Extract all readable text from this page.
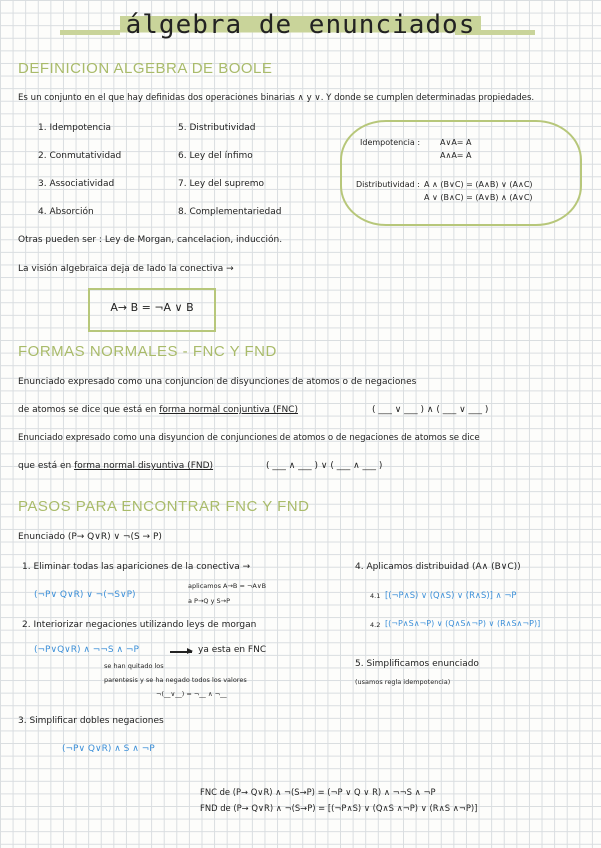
álgebra de enunciados
DEFINICION ALGEBRA DE BOOLE
Es un conjunto en el que hay definidas dos operaciones binarias ∧ y ∨. Y donde se cumplen determinadas propiedades.
1. Idempotencia
2. Conmutatividad
3. Associatividad
4. Absorción
5. Distributividad
6. Ley del ínfimo
7. Ley del supremo
8. Complementariedad
Idempotencia : A∨A= A
A∧A= A
Distributividad : A ∧ (B∨C) = (A∧B) ∨ (A∧C)
A ∨ (B∧C) = (A∨B) ∧ (A∨C)
Otras pueden ser : Ley de Morgan, cancelacion, inducción.
La visión algebraica deja de lado la conectiva →
A→ B = ¬A ∨ B
FORMAS NORMALES - FNC Y FND
Enunciado expresado como una conjuncion de disyunciones de atomos o de negaciones
de atomos se dice que está en forma normal conjuntiva (FNC)	( ___ ∨ ___ ) ∧ ( ___ ∨ ___ )
Enunciado expresado como una disyuncion de conjunciones de atomos o de negaciones de atomos se dice
que está en forma normal disyuntiva (FND)	( ___ ∧ ___ ) ∨ ( ___ ∧ ___ )
PASOS PARA ENCONTRAR FNC Y FND
Enunciado (P→ Q∨R) ∨ ¬(S → P)
1. Eliminar todas las apariciones de la conectiva →
(¬P∨ Q∨R) ∨ ¬(¬S∨P)
aplicamos A→B = ¬A∨B
a P→Q y S→P
2. Interiorizar negaciones utilizando leys de morgan
(¬P∨Q∨R) ∧ ¬¬S ∧ ¬P	ya esta en FNC
se han quitado los
parentesis y se ha negado todos los valores
¬(__∨__) = ¬__ ∧ ¬__
3. Simplificar dobles negaciones
(¬P∨ Q∨R) ∧ S ∧ ¬P
4. Aplicamos distribuidad (A∧ (B∨C))
4.1 [(¬P∧S) ∨ (Q∧S) ∨ (R∧S)] ∧ ¬P
4.2 [(¬P∧S∧¬P) ∨ (Q∧S∧¬P) ∨ (R∧S∧¬P)]
5. Simplificamos enunciado
(usamos regla idempotencia)
FNC de (P→ Q∨R) ∧ ¬(S→P) = (¬P ∨ Q ∨ R) ∧ ¬¬S ∧ ¬P
FND de (P→ Q∨R) ∧ ¬(S→P) = [(¬P∧S) ∨ (Q∧S ∧¬P) ∨ (R∧S ∧¬P)]
